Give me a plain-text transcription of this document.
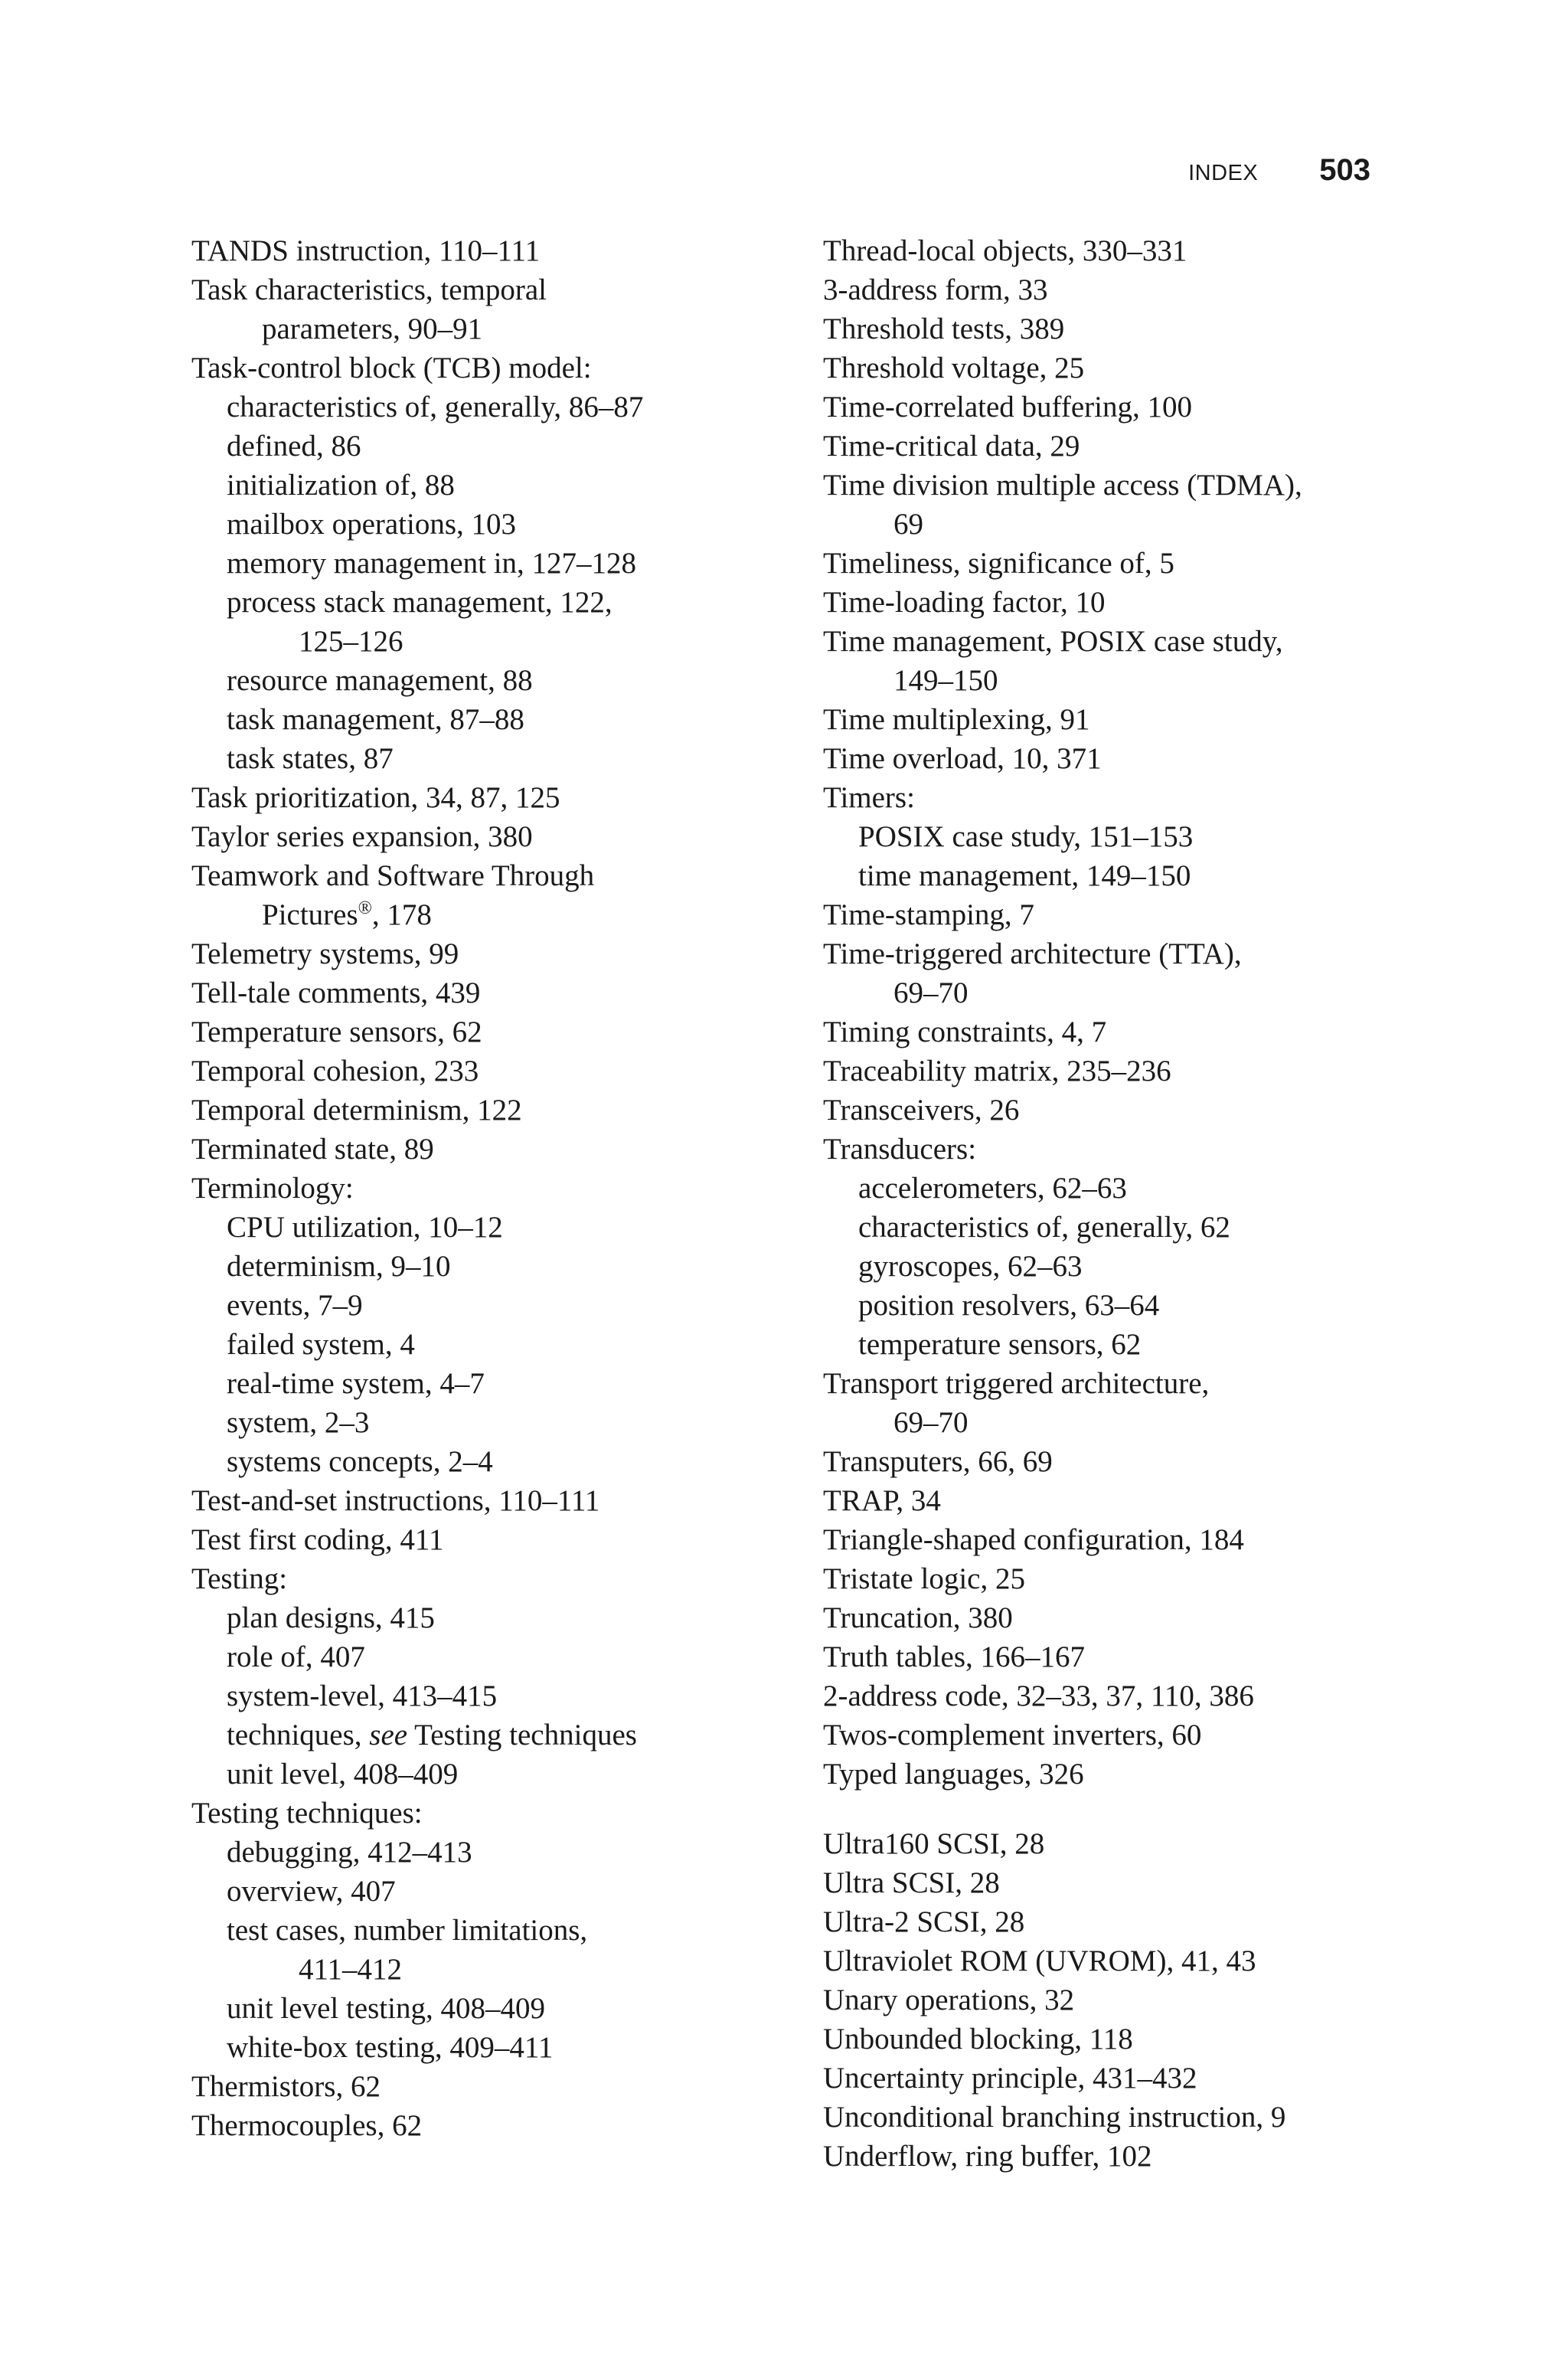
INDEX 503
TANDS instruction, 110–111
Task characteristics, temporal
parameters, 90–91
Task-control block (TCB) model:
characteristics of, generally, 86–87
defined, 86
initialization of, 88
mailbox operations, 103
memory management in, 127–128
process stack management, 122,
125–126
resource management, 88
task management, 87–88
task states, 87
Task prioritization, 34, 87, 125
Taylor series expansion, 380
Teamwork and Software Through
Pictures®, 178
Telemetry systems, 99
Tell-tale comments, 439
Temperature sensors, 62
Temporal cohesion, 233
Temporal determinism, 122
Terminated state, 89
Terminology:
CPU utilization, 10–12
determinism, 9–10
events, 7–9
failed system, 4
real-time system, 4–7
system, 2–3
systems concepts, 2–4
Test-and-set instructions, 110–111
Test first coding, 411
Testing:
plan designs, 415
role of, 407
system-level, 413–415
techniques, see Testing techniques
unit level, 408–409
Testing techniques:
debugging, 412–413
overview, 407
test cases, number limitations,
411–412
unit level testing, 408–409
white-box testing, 409–411
Thermistors, 62
Thermocouples, 62
Thread-local objects, 330–331
3-address form, 33
Threshold tests, 389
Threshold voltage, 25
Time-correlated buffering, 100
Time-critical data, 29
Time division multiple access (TDMA),
69
Timeliness, significance of, 5
Time-loading factor, 10
Time management, POSIX case study,
149–150
Time multiplexing, 91
Time overload, 10, 371
Timers:
POSIX case study, 151–153
time management, 149–150
Time-stamping, 7
Time-triggered architecture (TTA),
69–70
Timing constraints, 4, 7
Traceability matrix, 235–236
Transceivers, 26
Transducers:
accelerometers, 62–63
characteristics of, generally, 62
gyroscopes, 62–63
position resolvers, 63–64
temperature sensors, 62
Transport triggered architecture,
69–70
Transputers, 66, 69
TRAP, 34
Triangle-shaped configuration, 184
Tristate logic, 25
Truncation, 380
Truth tables, 166–167
2-address code, 32–33, 37, 110, 386
Twos-complement inverters, 60
Typed languages, 326
Ultra160 SCSI, 28
Ultra SCSI, 28
Ultra-2 SCSI, 28
Ultraviolet ROM (UVROM), 41, 43
Unary operations, 32
Unbounded blocking, 118
Uncertainty principle, 431–432
Unconditional branching instruction, 9
Underflow, ring buffer, 102
